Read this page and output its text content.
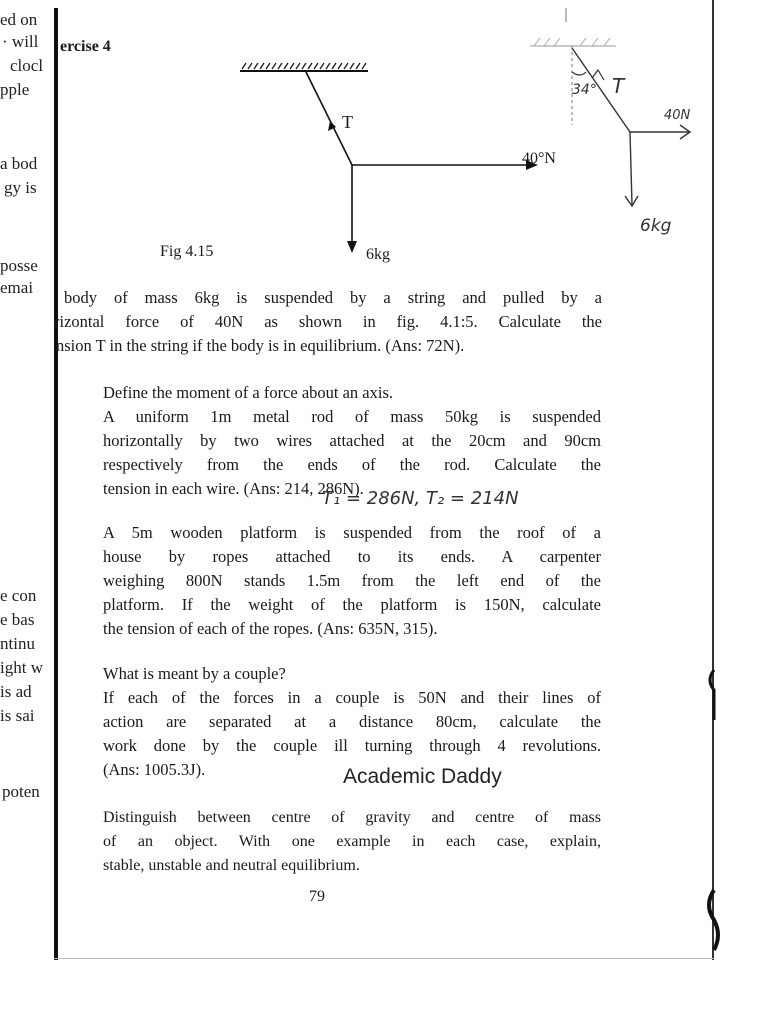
ed on
· will
clocl
pple
a bod
gy is
posse
emai
e con
e bas
ntinu
ight w
is ad
is sai
poten
ercise 4
T
40°N
6kg
Fig 4.15
34° T
40N
6kg
body of mass 6kg is suspended by a string and pulled by a
rizontal force of 40N as shown in fig. 4.1:5. Calculate the
nsion T in the string if the body is in equilibrium. (Ans: 72N).
Define the moment of a force about an axis.
A uniform 1m metal rod of mass 50kg is suspended
horizontally by two wires attached at the 20cm and 90cm
respectively from the ends of the rod. Calculate the
tension in each wire. (Ans: 214, 286N).
T₁ = 286N, T₂ = 214N
A 5m wooden platform is suspended from the roof of a
house by ropes attached to its ends. A carpenter
weighing 800N stands 1.5m from the left end of the
platform. If the weight of the platform is 150N, calculate
the tension of each of the ropes. (Ans: 635N, 315).
What is meant by a couple?
If each of the forces in a couple is 50N and their lines of
action are separated at a distance 80cm, calculate the
work done by the couple ill turning through 4 revolutions.
(Ans: 1005.3J).	Academic Daddy
Distinguish between centre of gravity and centre of mass
of an object. With one example in each case, explain,
stable, unstable and neutral equilibrium.
79
